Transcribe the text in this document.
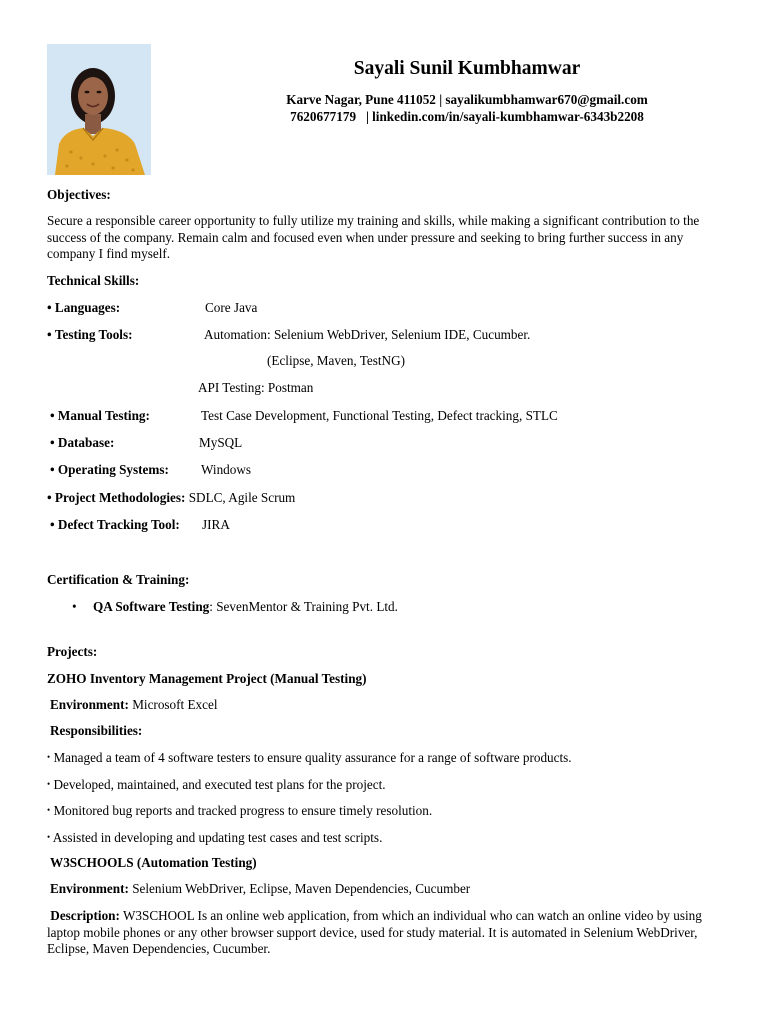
Sayali Sunil Kumbhamwar
Karve Nagar, Pune 411052 | sayalikumbhamwar670@gmail.com
7620677179 | linkedin.com/in/sayali-kumbhamwar-6343b2208
Objectives:
Secure a responsible career opportunity to fully utilize my training and skills, while making a significant contribution to the success of the company. Remain calm and focused even when under pressure and seeking to bring further success in any company I find myself.
Technical Skills:
• Languages:	Core Java
• Testing Tools:	Automation: Selenium WebDriver, Selenium IDE, Cucumber.
(Eclipse, Maven, TestNG)
API Testing: Postman
• Manual Testing:	Test Case Development, Functional Testing, Defect tracking, STLC
• Database:	MySQL
• Operating Systems: Windows
• Project Methodologies: SDLC, Agile Scrum
• Defect Tracking Tool: JIRA
Certification & Training:
• QA Software Testing: SevenMentor & Training Pvt. Ltd.
Projects:
ZOHO Inventory Management Project (Manual Testing)
Environment: Microsoft Excel
Responsibilities:
• Managed a team of 4 software testers to ensure quality assurance for a range of software products.
• Developed, maintained, and executed test plans for the project.
• Monitored bug reports and tracked progress to ensure timely resolution.
• Assisted in developing and updating test cases and test scripts.
W3SCHOOLS (Automation Testing)
Environment: Selenium WebDriver, Eclipse, Maven Dependencies, Cucumber
Description: W3SCHOOL Is an online web application, from which an individual who can watch an online video by using laptop mobile phones or any other browser support device, used for study material. It is automated in Selenium WebDriver, Eclipse, Maven Dependencies, Cucumber.
